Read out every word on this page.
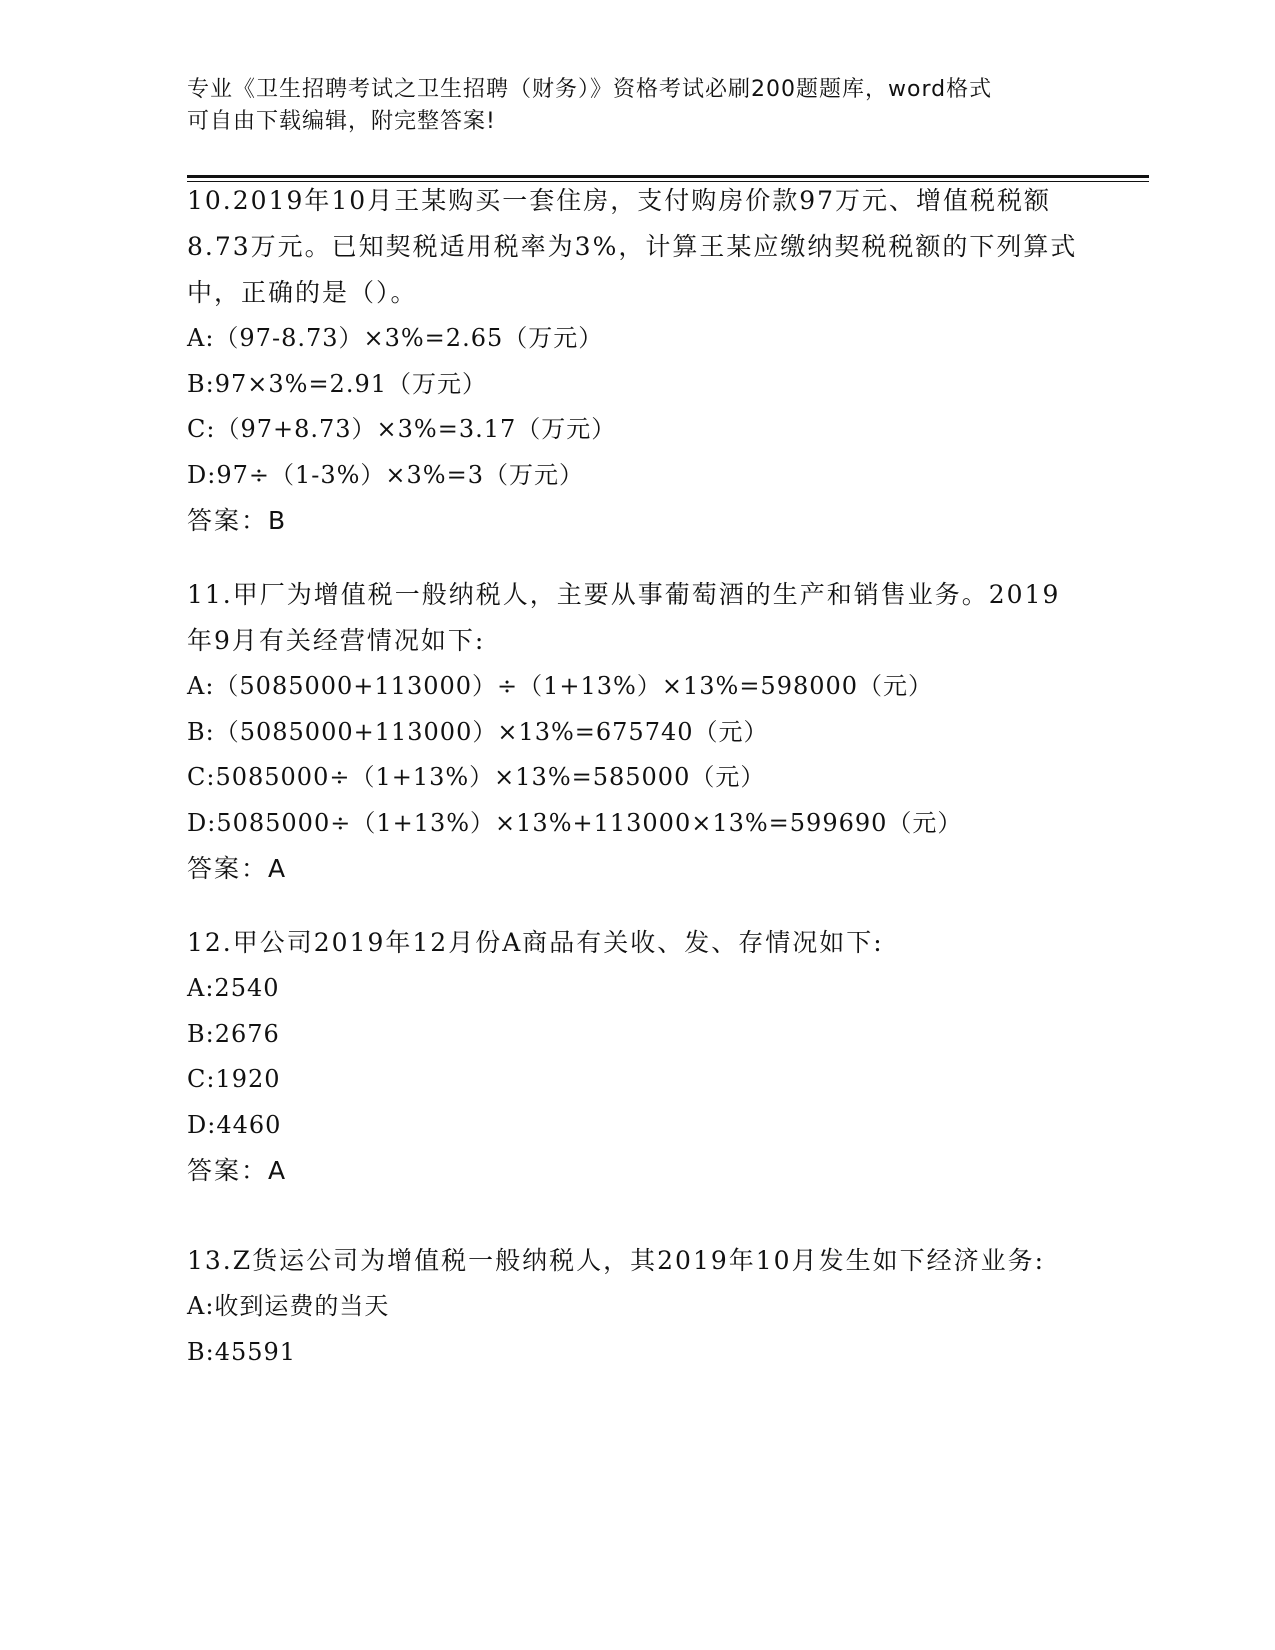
专业《卫生招聘考试之卫生招聘（财务）》资格考试必刷200题题库，word格式
可自由下载编辑，附完整答案!

10.2019年10月王某购买一套住房，支付购房价款97万元、增值税税额8.73万元。已知契税适用税率为3%，计算王某应缴纳契税税额的下列算式中，正确的是（）。

A:（97-8.73）×3%=2.65（万元）

B:97×3%=2.91（万元）

C:（97+8.73）×3%=3.17（万元）

D:97÷（1-3%）×3%=3（万元）

答案：B

11.甲厂为增值税一般纳税人，主要从事葡萄酒的生产和销售业务。2019年9月有关经营情况如下:

A:（5085000+113000）÷（1+13%）×13%=598000（元）

B:（5085000+113000）×13%=675740（元）

C:5085000÷（1+13%）×13%=585000（元）

D:5085000÷（1+13%）×13%+113000×13%=599690（元）

答案：A

12.甲公司2019年12月份A商品有关收、发、存情况如下:

A:2540

B:2676

C:1920

D:4460

答案：A

13.Z货运公司为增值税一般纳税人，其2019年10月发生如下经济业务:

A:收到运费的当天

B:45591
